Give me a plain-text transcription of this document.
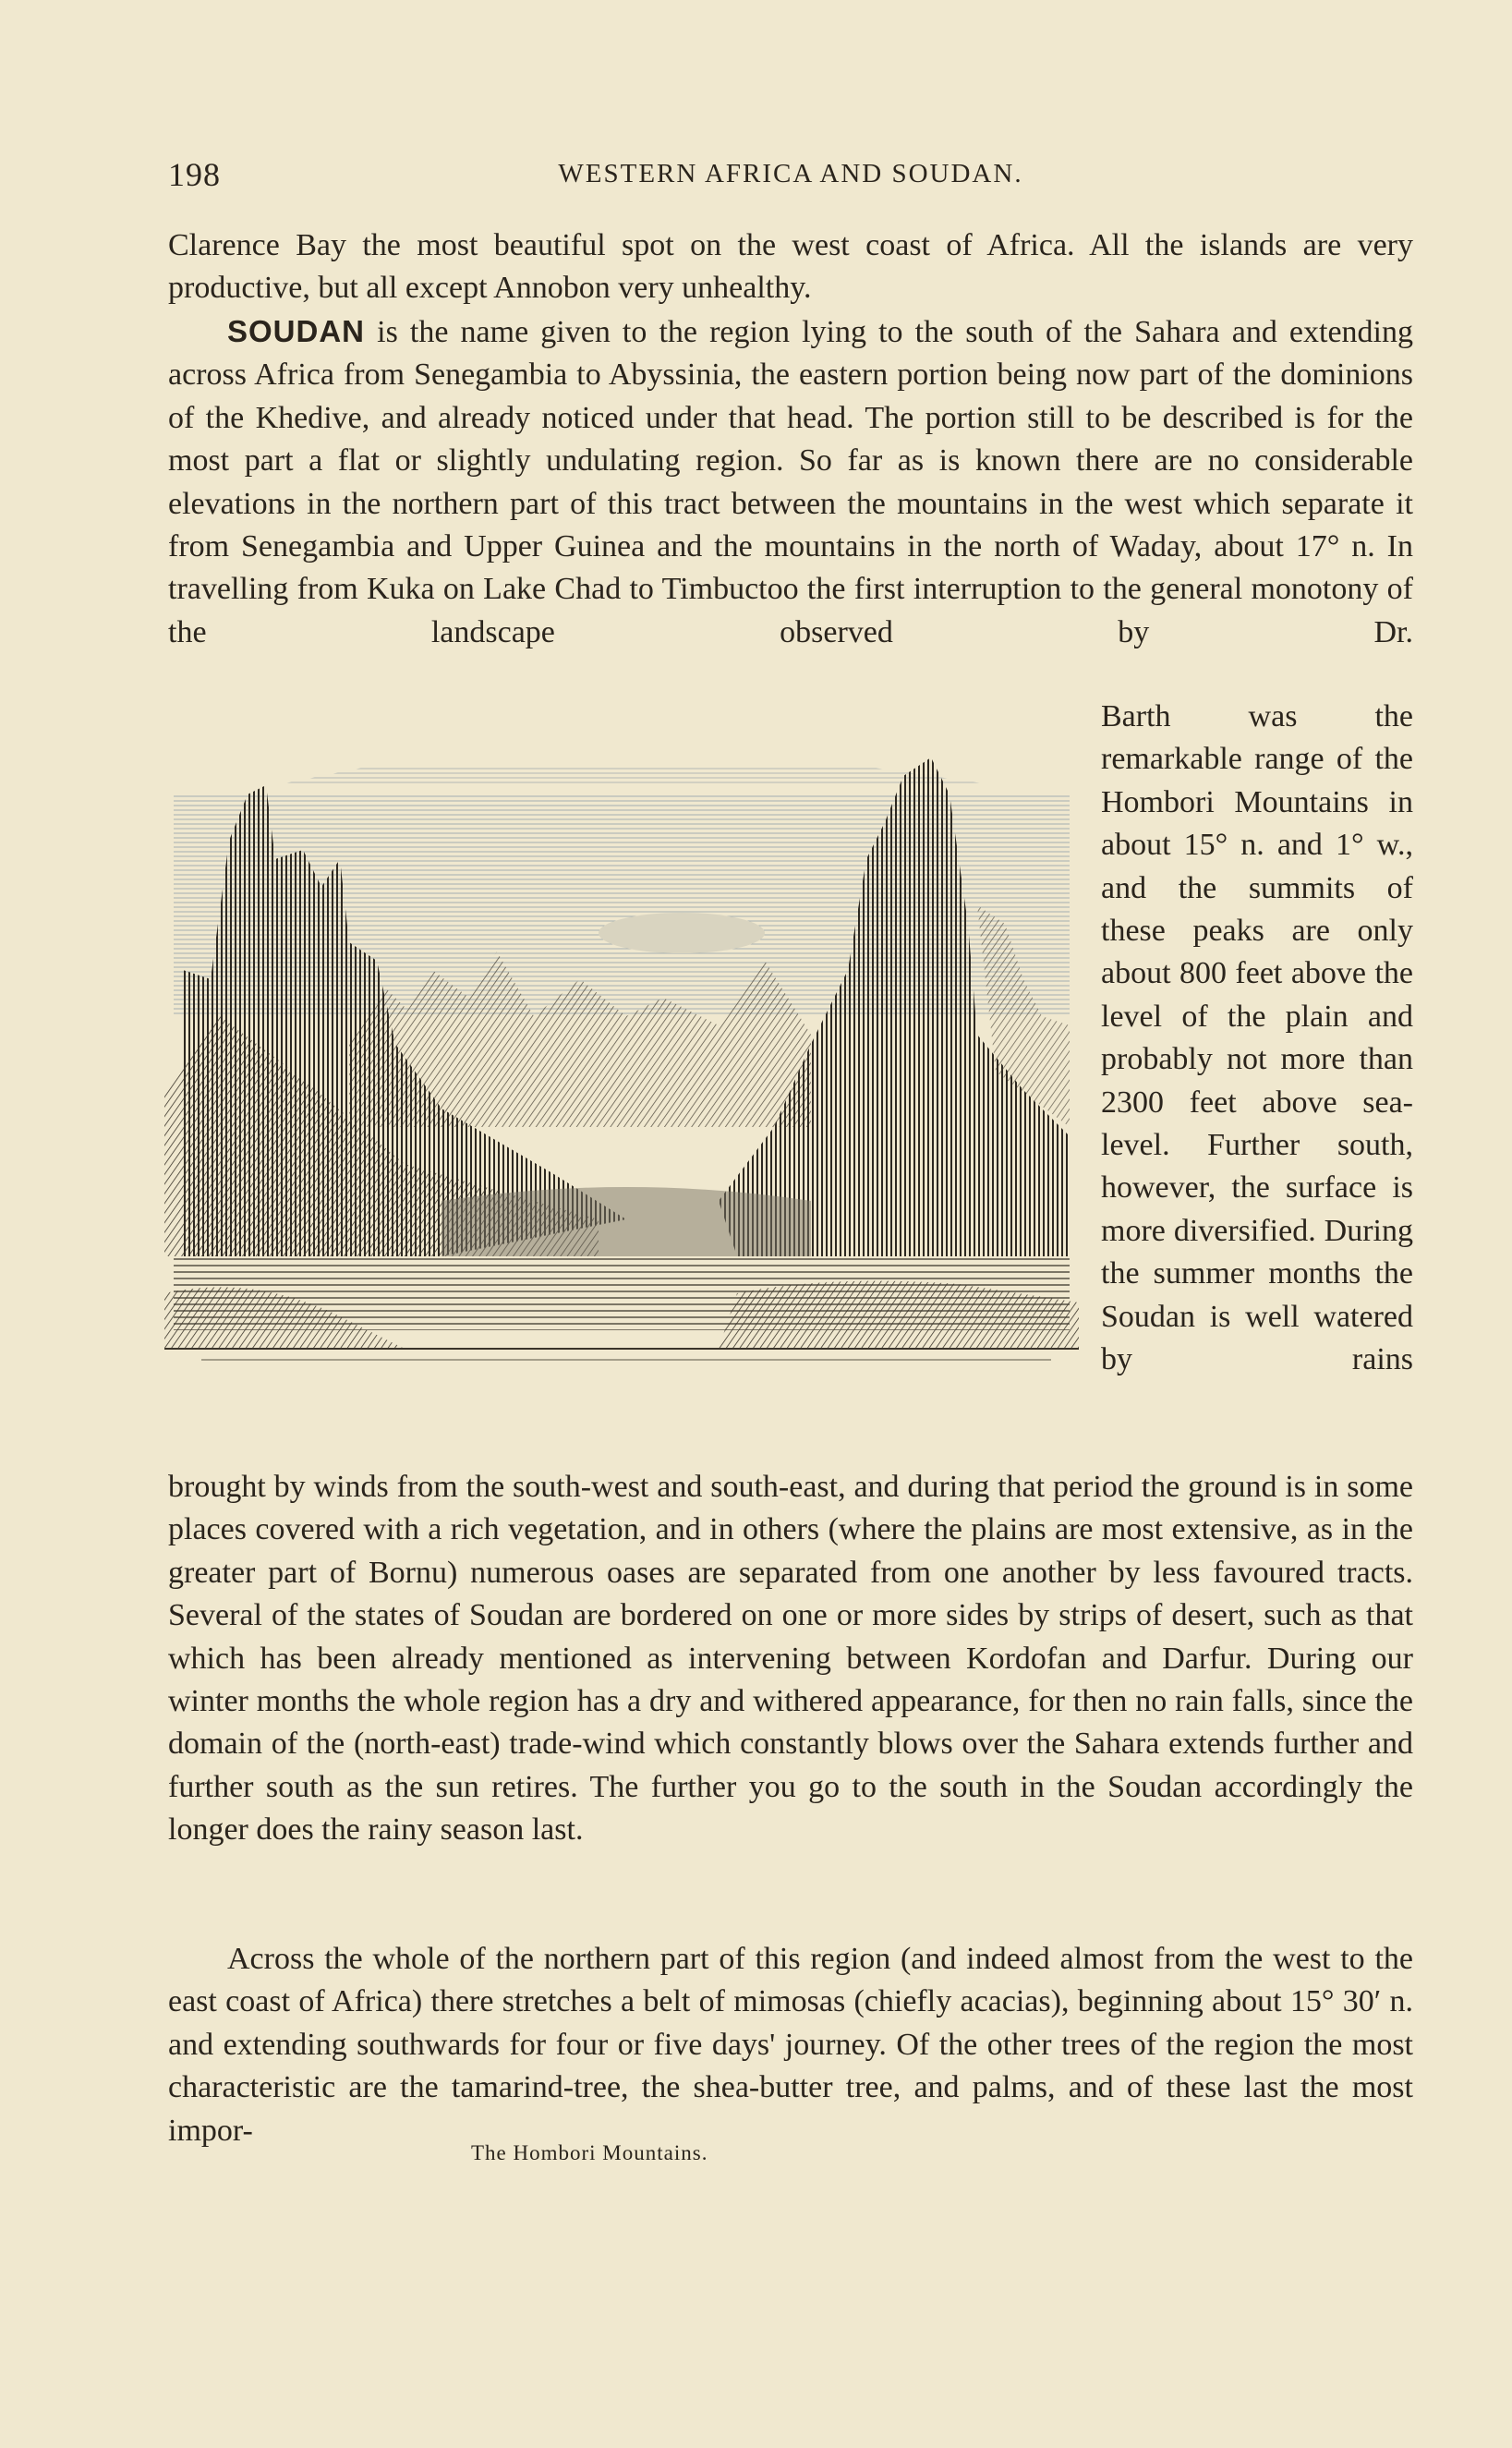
198	WESTERN AFRICA AND SOUDAN.

Clarence Bay the most beautiful spot on the west coast of Africa. All the islands are very productive, but all except Annobon very unhealthy.

SOUDAN is the name given to the region lying to the south of the Sahara and extending across Africa from Senegambia to Abyssinia, the eastern portion being now part of the dominions of the Khedive, and already noticed under that head. The portion still to be described is for the most part a flat or slightly undulating region. So far as is known there are no considerable elevations in the northern part of this tract between the mountains in the west which separate it from Senegambia and Upper Guinea and the mountains in the north of Waday, about 17° n. In travelling from Kuka on Lake Chad to Timbuctoo the first interruption to the general monotony of the landscape observed by Dr.

The Hombori Mountains.

Barth was the remarkable range of the Hombori Mountains in about 15° n. and 1° w., and the summits of these peaks are only about 800 feet above the level of the plain and probably not more than 2300 feet above sea-level. Further south, however, the surface is more diversified. During the summer months the Soudan is well watered by rains

brought by winds from the south-west and south-east, and during that period the ground is in some places covered with a rich vegetation, and in others (where the plains are most extensive, as in the greater part of Bornu) numerous oases are separated from one another by less favoured tracts. Several of the states of Soudan are bordered on one or more sides by strips of desert, such as that which has been already mentioned as intervening between Kordofan and Darfur. During our winter months the whole region has a dry and withered appearance, for then no rain falls, since the domain of the (north-east) trade-wind which constantly blows over the Sahara extends further and further south as the sun retires. The further you go to the south in the Soudan accordingly the longer does the rainy season last.

Across the whole of the northern part of this region (and indeed almost from the west to the east coast of Africa) there stretches a belt of mimosas (chiefly acacias), beginning about 15° 30′ n. and extending southwards for four or five days' journey. Of the other trees of the region the most characteristic are the tamarind-tree, the shea-butter tree, and palms, and of these last the most impor-
